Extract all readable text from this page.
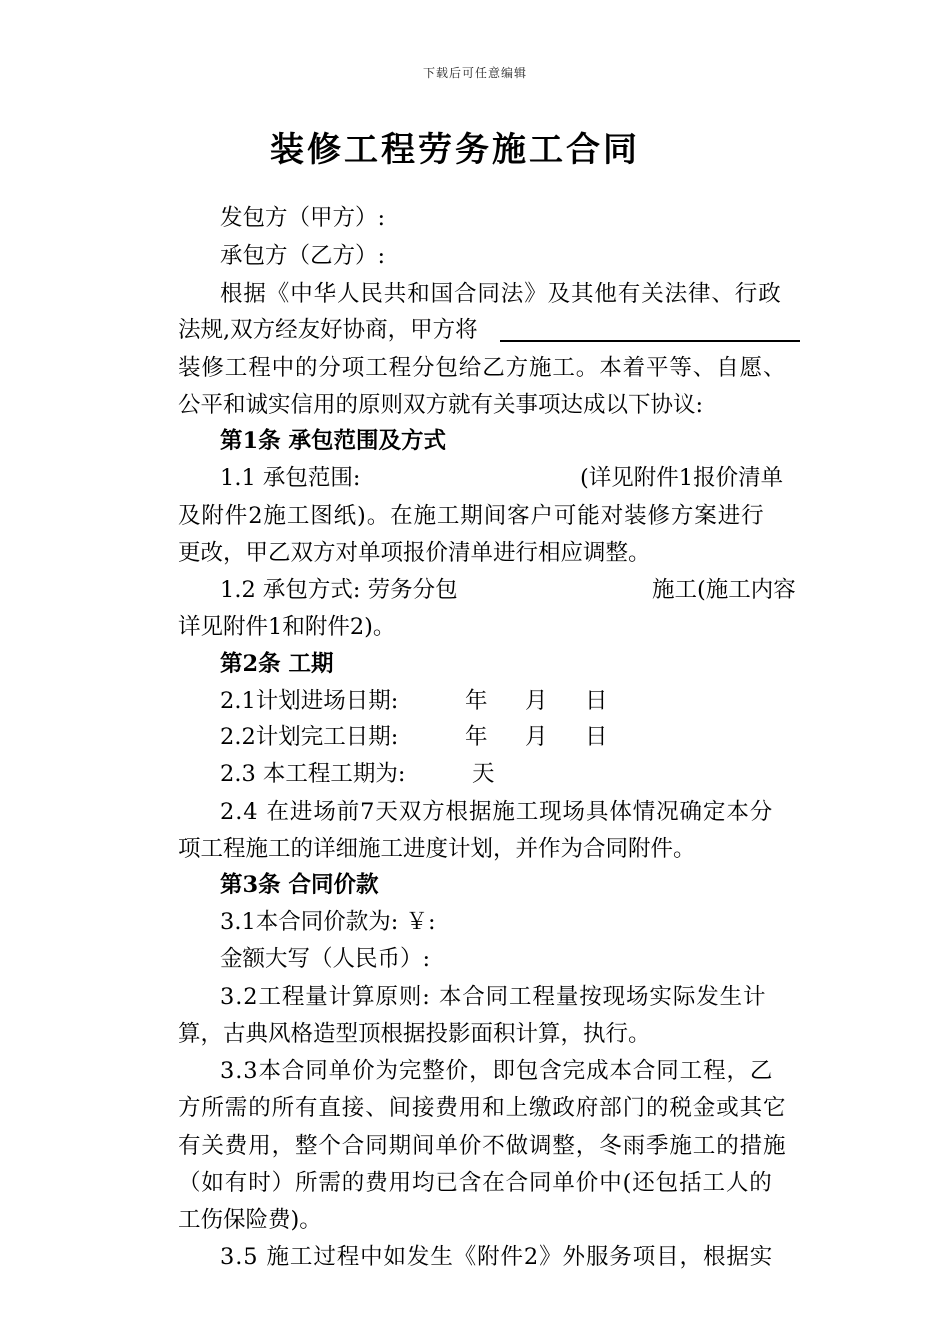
下载后可任意编辑
装修工程劳务施工合同
发包方（甲方）:
承包方（乙方）:
根据《中华人民共和国合同法》及其他有关法律、行政
法规,双方经友好协商，甲方将
装修工程中的分项工程分包给乙方施工。本着平等、自愿、
公平和诚实信用的原则双方就有关事项达成以下协议:
第1条 承包范围及方式
1.1 承包范围:	(详见附件1报价清单
及附件2施工图纸)。在施工期间客户可能对装修方案进行
更改，甲乙双方对单项报价清单进行相应调整。
1.2 承包方式: 劳务分包	施工(施工内容
详见附件1和附件2)。
第2条 工期
2.1计划进场日期:	年 月 日
2.2计划完工日期:	年 月 日
2.3 本工程工期为:	天
2.4 在进场前7天双方根据施工现场具体情况确定本分
项工程施工的详细施工进度计划，并作为合同附件。
第3条 合同价款
3.1本合同价款为: ￥:
金额大写（人民币）:
3.2工程量计算原则: 本合同工程量按现场实际发生计
算，古典风格造型顶根据投影面积计算，执行。
3.3本合同单价为完整价，即包含完成本合同工程，乙
方所需的所有直接、间接费用和上缴政府部门的税金或其它
有关费用，整个合同期间单价不做调整，冬雨季施工的措施
（如有时）所需的费用均已含在合同单价中(还包括工人的
工伤保险费)。
3.5 施工过程中如发生《附件2》外服务项目，根据实
